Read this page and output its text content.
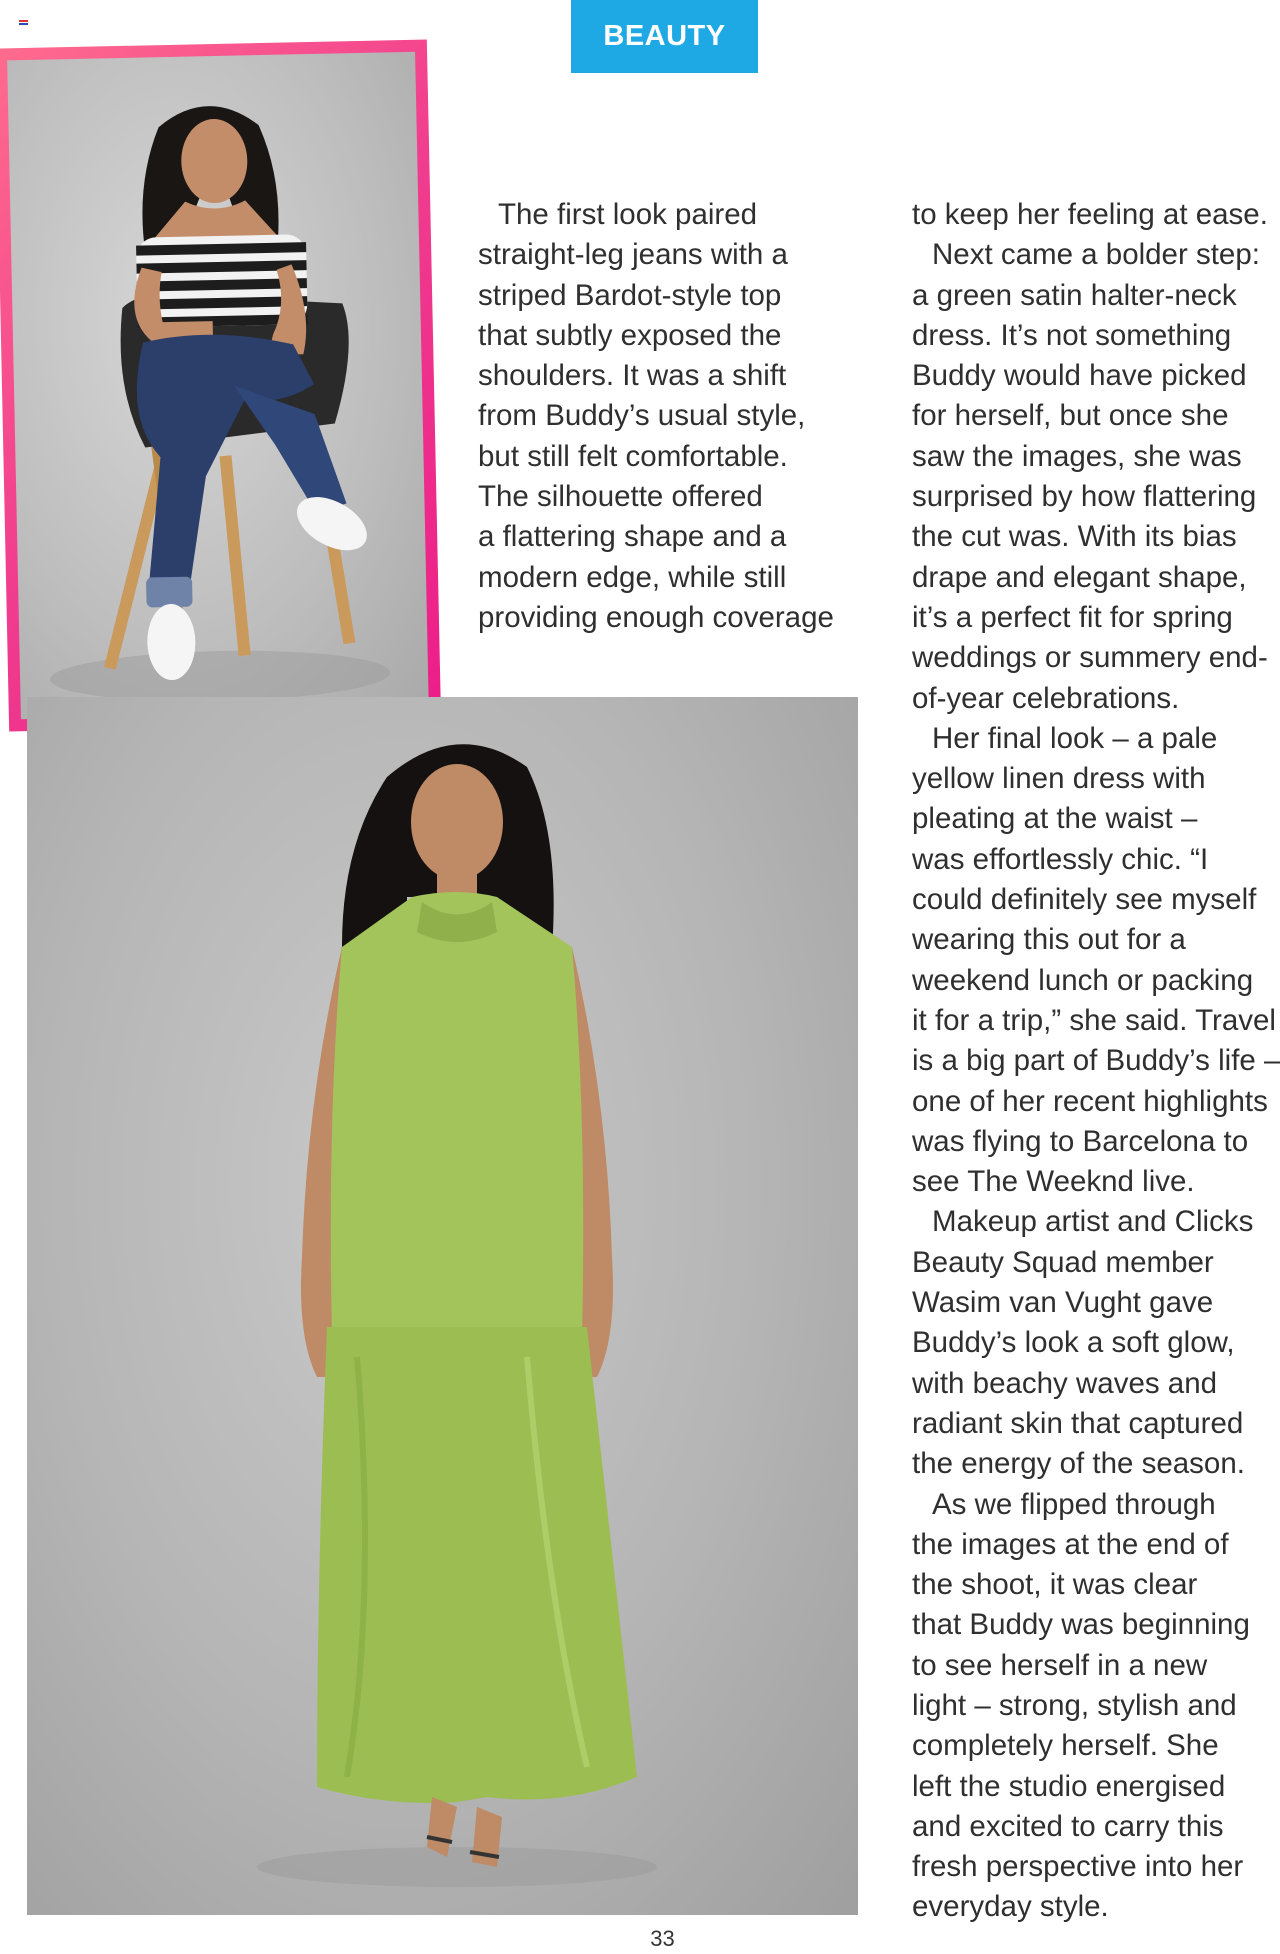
BEAUTY
The first look paired
straight-leg jeans with a
striped Bardot-style top
that subtly exposed the
shoulders. It was a shift
from Buddy’s usual style,
but still felt comfortable.
The silhouette offered
a flattering shape and a
modern edge, while still
providing enough coverage
to keep her feeling at ease.
Next came a bolder step:
a green satin halter-neck
dress. It’s not something
Buddy would have picked
for herself, but once she
saw the images, she was
surprised by how flattering
the cut was. With its bias
drape and elegant shape,
it’s a perfect fit for spring
weddings or summery end-
of-year celebrations.
Her final look – a pale
yellow linen dress with
pleating at the waist –
was effortlessly chic. “I
could definitely see myself
wearing this out for a
weekend lunch or packing
it for a trip,” she said. Travel
is a big part of Buddy’s life –
one of her recent highlights
was flying to Barcelona to
see The Weeknd live.
Makeup artist and Clicks
Beauty Squad member
Wasim van Vught gave
Buddy’s look a soft glow,
with beachy waves and
radiant skin that captured
the energy of the season.
As we flipped through
the images at the end of
the shoot, it was clear
that Buddy was beginning
to see herself in a new
light – strong, stylish and
completely herself. She
left the studio energised
and excited to carry this
fresh perspective into her
everyday style.
33
